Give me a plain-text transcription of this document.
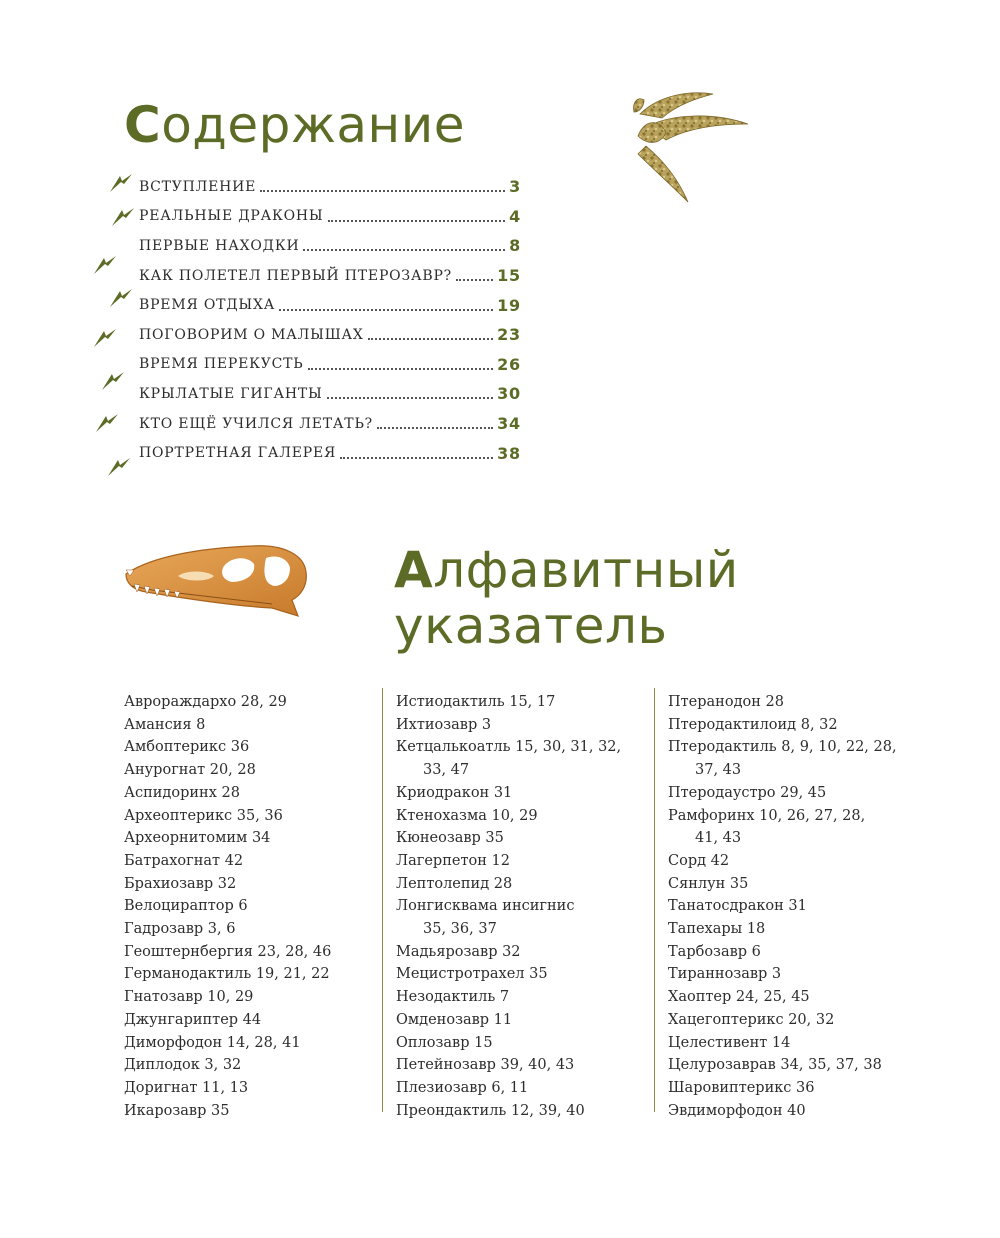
Содержание
ВСТУПЛЕНИЕ	3
РЕАЛЬНЫЕ ДРАКОНЫ	4
ПЕРВЫЕ НАХОДКИ	8
КАК ПОЛЕТЕЛ ПЕРВЫЙ ПТЕРОЗАВР?	15
ВРЕМЯ ОТДЫХА	19
ПОГОВОРИМ О МАЛЫШАХ	23
ВРЕМЯ ПЕРЕКУСТЬ	26
КРЫЛАТЫЕ ГИГАНТЫ	30
КТО ЕЩЁ УЧИЛСЯ ЛЕТАТЬ?	34
ПОРТРЕТНАЯ ГАЛЕРЕЯ	38
Алфавитный
указатель
Аврораждархо 28, 29
Амансия 8
Амбоптерикс 36
Анурогнат 20, 28
Аспидоринх 28
Археоптерикс 35, 36
Археорнитомим 34
Батрахогнат 42
Брахиозавр 32
Велоцираптор 6
Гадрозавр 3, 6
Геоштернбергия 23, 28, 46
Германодактиль 19, 21, 22
Гнатозавр 10, 29
Джунгариптер 44
Диморфодон 14, 28, 41
Диплодок 3, 32
Доригнат 11, 13
Икарозавр 35
Истиодактиль 15, 17
Ихтиозавр 3
Кетцалькоатль 15, 30, 31, 32,
33, 47
Криодракон 31
Ктенохазма 10, 29
Кюнеозавр 35
Лагерпетон 12
Лептолепид 28
Лонгисквама инсигнис
35, 36, 37
Мадьярозавр 32
Мецистротрахел 35
Незодактиль 7
Омденозавр 11
Оплозавр 15
Петейнозавр 39, 40, 43
Плезиозавр 6, 11
Преондактиль 12, 39, 40
Птеранодон 28
Птеродактилоид 8, 32
Птеродактиль 8, 9, 10, 22, 28,
37, 43
Птеродаустро 29, 45
Рамфоринх 10, 26, 27, 28,
41, 43
Сорд 42
Сянлун 35
Танатосдракон 31
Тапехары 18
Тарбозавр 6
Тираннозавр 3
Хаоптер 24, 25, 45
Хацегоптерикс 20, 32
Целестивент 14
Целурозаврав 34, 35, 37, 38
Шаровиптерикс 36
Эвдиморфодон 40
